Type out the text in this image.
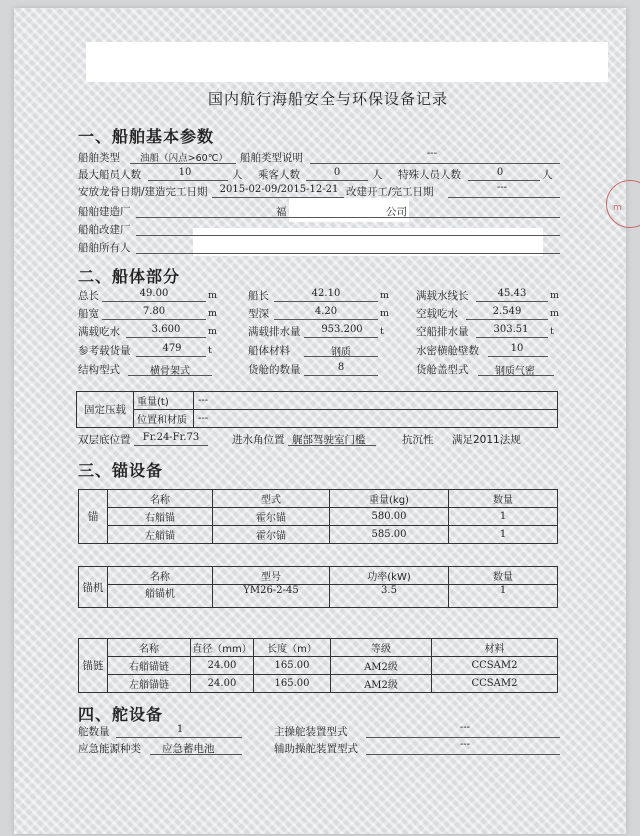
国内航行海船安全与环保设备记录
一、船舶基本参数
船舶类型	油船（闪点>60℃）	船舶类型说明	---
最大船员人数	10	人 乘客人数	0	人 特殊人员人数	0	人
安放龙骨日期/建造完工日期	2015-02-09/2015-12-21 改建开工/完工日期	---
船舶建造厂	福	公司
船舶改建厂
船舶所有人
二、船体部分
总长	49.00	m	船长	42.10	m	满载水线长	45.43	m
船宽	7.80	m	型深	4.20	m	空载吃水	2.549	m
满载吃水	3.600	m	满载排水量	953.200	t	空船排水量	303.51	t
参考载货量	479	t	船体材料	钢质	水密横舱壁数	10
结构型式	横骨架式	货舱的数量	8	货舱盖型式	钢质气密
固定压载	重量(t)	---
	位置和材质	---
双层底位置	Fr.24-Fr.73	进水角位置 艉部驾驶室门槛	抗沉性 满足2011法规
三、锚设备
锚	名称	型式	重量(kg)	数量
	右艏锚	霍尔锚	580.00	1
	左艏锚	霍尔锚	585.00	1
锚机	名称	型号	功率(kW)	数量
	艏锚机	YM26-2-45	3.5	1
锚链	名称	直径（mm）	长度（m）	等级	材料
	右艏锚链	24.00	165.00	AM2级	CCSAM2
	左艏锚链	24.00	165.00	AM2级	CCSAM2
四、舵设备
舵数量	1	主操舵装置型式	---
应急能源种类 应急蓄电池	辅助操舵装置型式	---
m
